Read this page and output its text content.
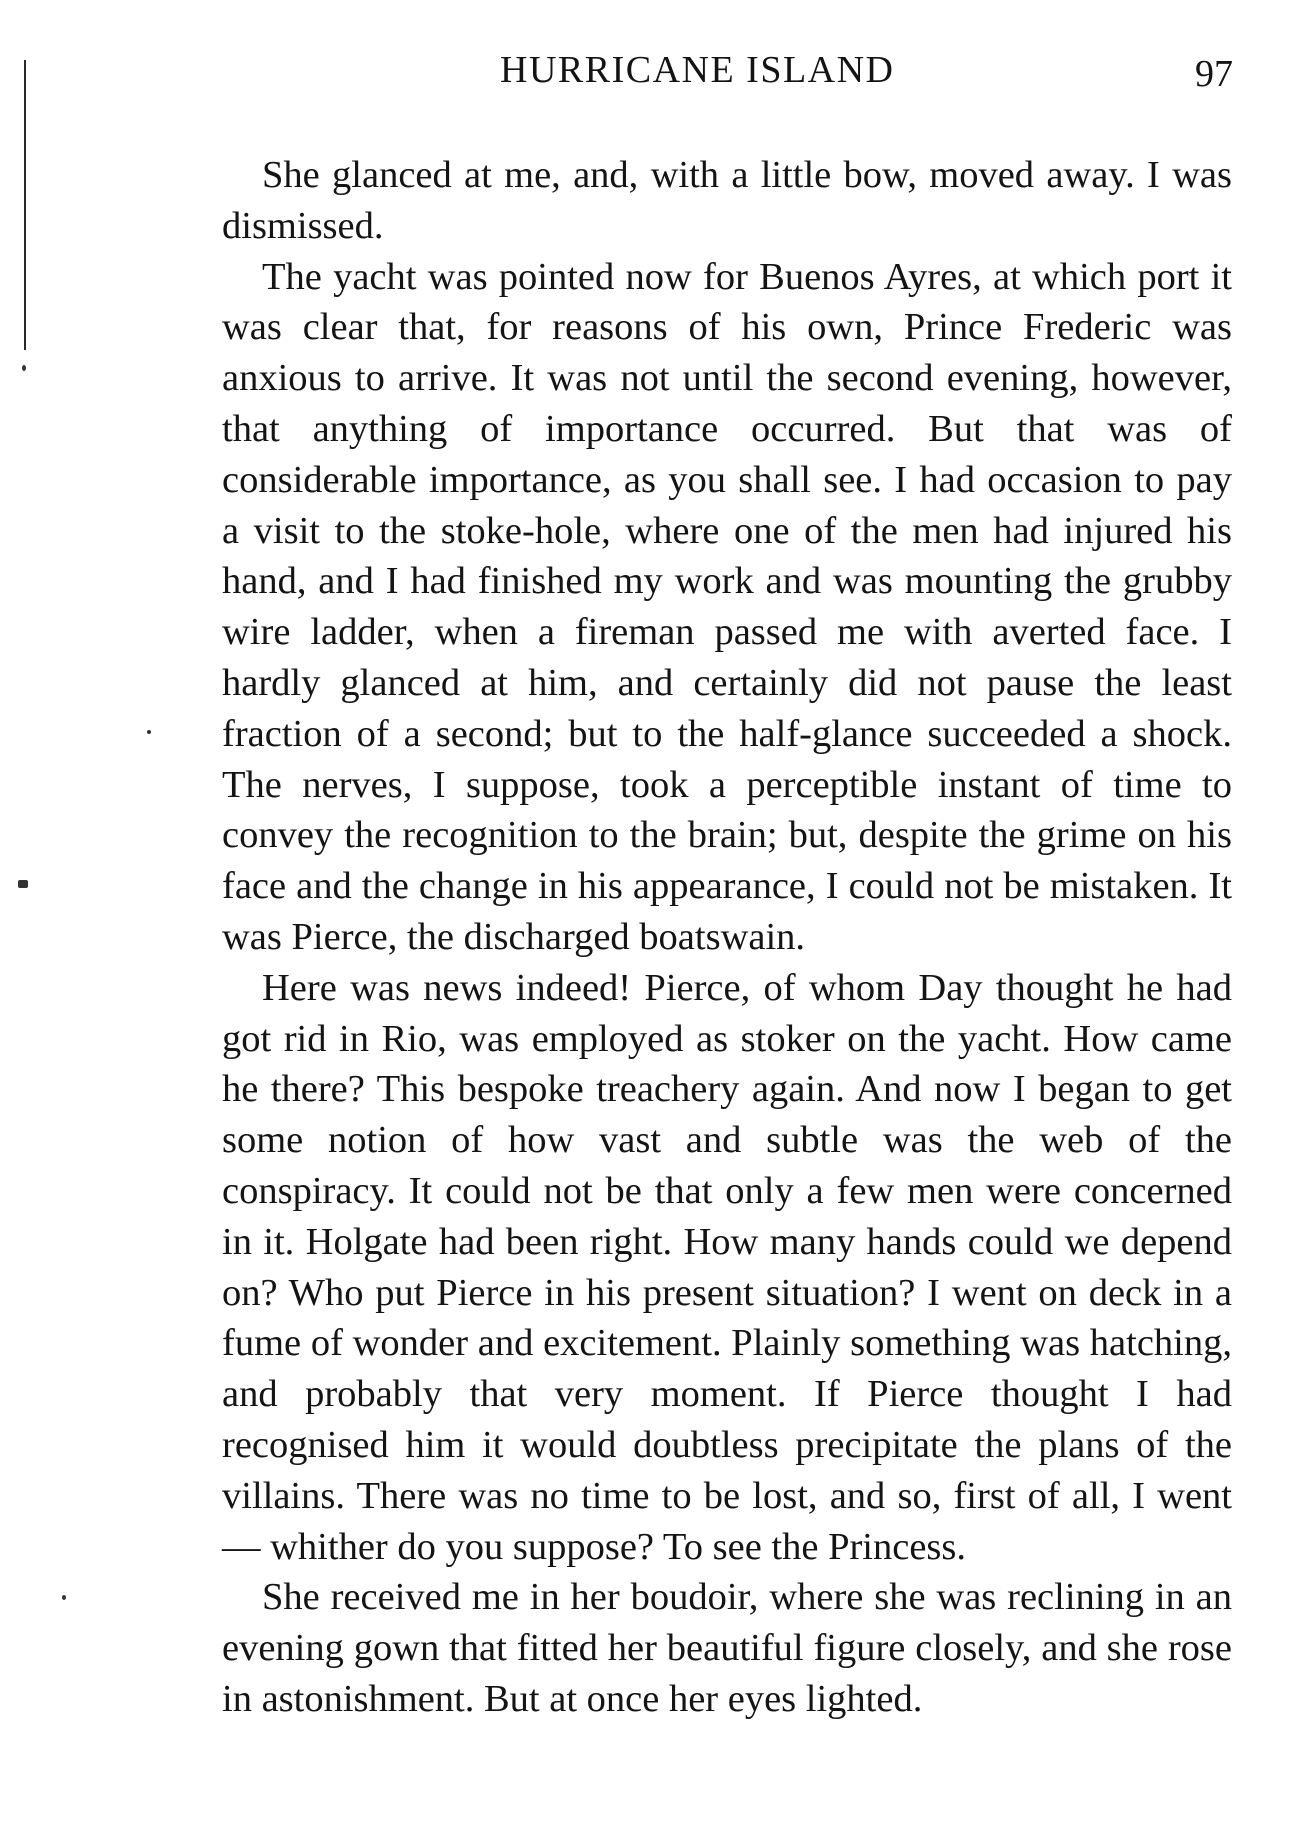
HURRICANE ISLAND	97

She glanced at me, and, with a little bow, moved away. I was dismissed.

The yacht was pointed now for Buenos Ayres, at which port it was clear that, for reasons of his own, Prince Frederic was anxious to arrive. It was not until the second evening, however, that anything of importance occurred. But that was of considerable importance, as you shall see. I had occasion to pay a visit to the stoke-hole, where one of the men had injured his hand, and I had finished my work and was mounting the grubby wire ladder, when a fireman passed me with averted face. I hardly glanced at him, and certainly did not pause the least fraction of a second; but to the half-glance succeeded a shock. The nerves, I suppose, took a perceptible instant of time to convey the recognition to the brain; but, despite the grime on his face and the change in his appearance, I could not be mistaken. It was Pierce, the discharged boatswain.

Here was news indeed! Pierce, of whom Day thought he had got rid in Rio, was employed as stoker on the yacht. How came he there? This bespoke treachery again. And now I began to get some notion of how vast and subtle was the web of the conspiracy. It could not be that only a few men were concerned in it. Holgate had been right. How many hands could we depend on? Who put Pierce in his present situation? I went on deck in a fume of wonder and excitement. Plainly something was hatching, and probably that very moment. If Pierce thought I had recognised him it would doubtless precipitate the plans of the villains. There was no time to be lost, and so, first of all, I went— whither do you suppose? To see the Princess.

She received me in her boudoir, where she was reclining in an evening gown that fitted her beautiful figure closely, and she rose in astonishment. But at once her eyes lighted.
